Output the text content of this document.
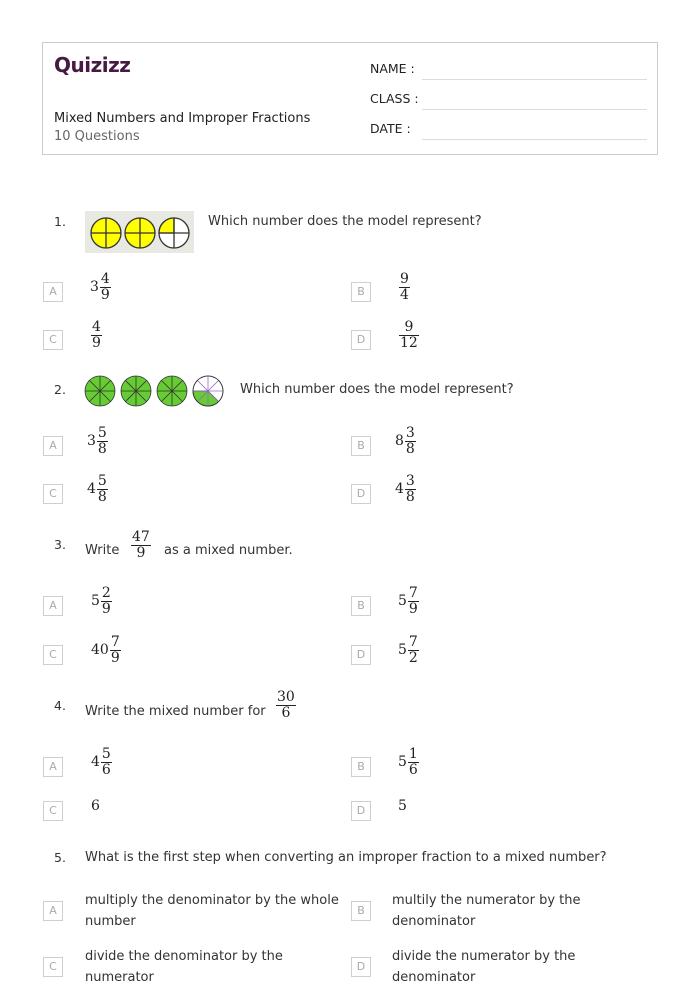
Quizizz
Mixed Numbers and Improper Fractions
10 Questions
NAME :
CLASS :
DATE :
1.	Which number does the model represent?
A	$3 \frac{4}{9}$	B	$\frac{9}{4}$
C	$\frac{4}{9}$	D	$\frac{9}{12}$
2.	Which number does the model represent?
A	$3 \frac{5}{8}$	B	$8 \frac{3}{8}$
C	$4 \frac{5}{8}$	D	$4 \frac{3}{8}$
3. Write $\frac{47}{9}$ as a mixed number.
A	$5 \frac{2}{9}$	B	$5 \frac{7}{9}$
C	$40 \frac{7}{9}$	D	$5 \frac{7}{2}$
4. Write the mixed number for $\frac{30}{6}$
A	$4 \frac{5}{6}$	B	$5 \frac{1}{6}$
C	6	D	5
5. What is the first step when converting an improper fraction to a mixed number?
A
multiply the denominator by the whole
number
B
multily the numerator by the
denominator
C
divide the denominator by the
numerator
D
divide the numerator by the
denominator
